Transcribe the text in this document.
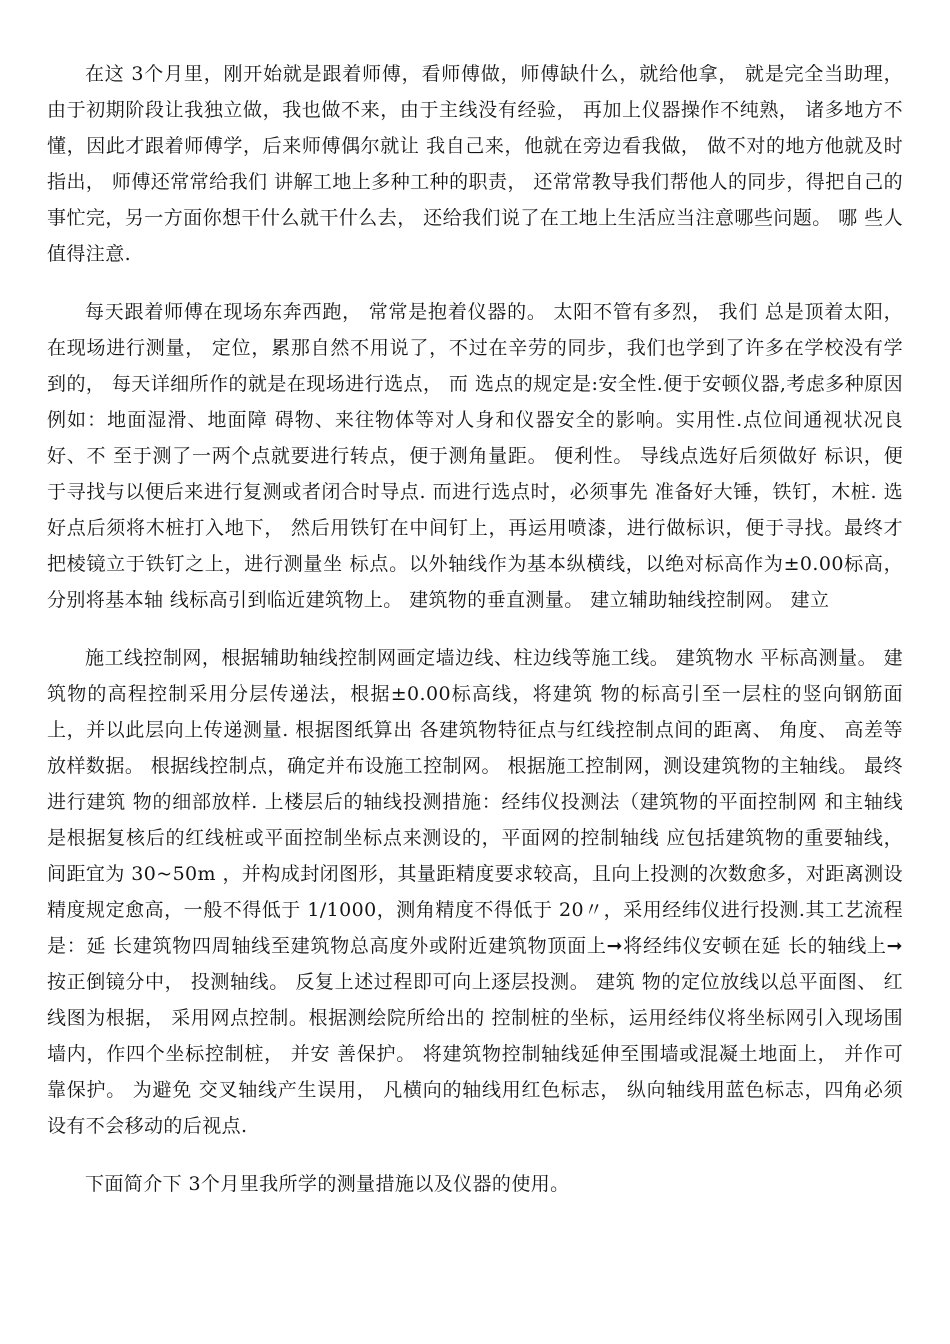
在这 3个月里，刚开始就是跟着师傅，看师傅做，师傅缺什么，就给他拿， 就是完全当助理，由于初期阶段让我独立做，我也做不来，由于主线没有经验， 再加上仪器操作不纯熟， 诸多地方不懂，因此才跟着师傅学，后来师傅偶尔就让 我自己来，他就在旁边看我做， 做不对的地方他就及时指出， 师傅还常常给我们 讲解工地上多种工种的职责， 还常常教导我们帮他人的同步，得把自己的事忙完，另一方面你想干什么就干什么去， 还给我们说了在工地上生活应当注意哪些问题。 哪 些人值得注意.

每天跟着师傅在现场东奔西跑， 常常是抱着仪器的。 太阳不管有多烈， 我们 总是顶着太阳，在现场进行测量， 定位，累那自然不用说了，不过在辛劳的同步，我们也学到了许多在学校没有学到的， 每天详细所作的就是在现场进行选点， 而 选点的规定是:安全性.便于安顿仪器,考虑多种原因例如：地面湿滑、地面障 碍物、来往物体等对人身和仪器安全的影响。实用性.点位间通视状况良好、不 至于测了一两个点就要进行转点，便于测角量距。 便利性。 导线点选好后须做好 标识，便于寻找与以便后来进行复测或者闭合时导点. 而进行选点时，必须事先 准备好大锤，铁钉，木桩. 选好点后须将木桩打入地下， 然后用铁钉在中间钉上，再运用喷漆，进行做标识，便于寻找。最终才把棱镜立于铁钉之上，进行测量坐 标点。以外轴线作为基本纵横线，以绝对标高作为±0.00标高，分别将基本轴 线标高引到临近建筑物上。 建筑物的垂直测量。 建立辅助轴线控制网。 建立

施工线控制网，根据辅助轴线控制网画定墙边线、柱边线等施工线。 建筑物水 平标高测量。 建筑物的高程控制采用分层传递法，根据±0.00标高线，将建筑 物的标高引至一层柱的竖向钢筋面上，并以此层向上传递测量. 根据图纸算出 各建筑物特征点与红线控制点间的距离、 角度、 高差等放样数据。 根据线控制点，确定并布设施工控制网。 根据施工控制网，测设建筑物的主轴线。 最终进行建筑 物的细部放样. 上楼层后的轴线投测措施：经纬仪投测法（建筑物的平面控制网 和主轴线是根据复核后的红线桩或平面控制坐标点来测设的，平面网的控制轴线 应包括建筑物的重要轴线，间距宜为 30~50m ，并构成封闭图形，其量距精度要求较高，且向上投测的次数愈多，对距离测设精度规定愈高，一般不得低于 1/1000，测角精度不得低于 20〃，采用经纬仪进行投测.其工艺流程是：延 长建筑物四周轴线至建筑物总高度外或附近建筑物顶面上➞将经纬仪安顿在延 长的轴线上➞按正倒镜分中， 投测轴线。 反复上述过程即可向上逐层投测。 建筑 物的定位放线以总平面图、 红线图为根据， 采用网点控制。根据测绘院所给出的 控制桩的坐标，运用经纬仪将坐标网引入现场围墙内，作四个坐标控制桩， 并安 善保护。 将建筑物控制轴线延伸至围墙或混凝土地面上， 并作可靠保护。 为避免 交叉轴线产生误用， 凡横向的轴线用红色标志， 纵向轴线用蓝色标志，四角必须 设有不会移动的后视点.

下面简介下 3个月里我所学的测量措施以及仪器的使用。
